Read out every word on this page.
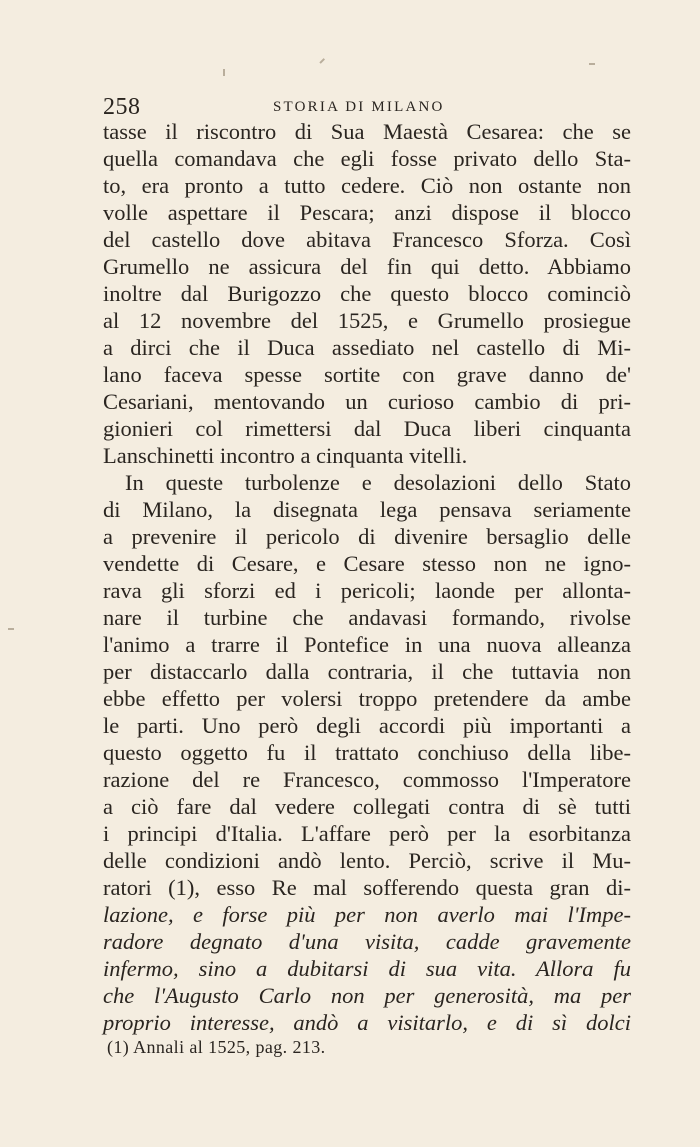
258	STORIA DI MILANO
tasse il riscontro di Sua Maestà Cesarea: che se
quella comandava che egli fosse privato dello Sta-
to, era pronto a tutto cedere. Ciò non ostante non
volle aspettare il Pescara; anzi dispose il blocco
del castello dove abitava Francesco Sforza. Così
Grumello ne assicura del fin qui detto. Abbiamo
inoltre dal Burigozzo che questo blocco cominciò
al 12 novembre del 1525, e Grumello prosiegue
a dirci che il Duca assediato nel castello di Mi-
lano faceva spesse sortite con grave danno de'
Cesariani, mentovando un curioso cambio di pri-
gionieri col rimettersi dal Duca liberi cinquanta
Lanschinetti incontro a cinquanta vitelli.
In queste turbolenze e desolazioni dello Stato
di Milano, la disegnata lega pensava seriamente
a prevenire il pericolo di divenire bersaglio delle
vendette di Cesare, e Cesare stesso non ne igno-
rava gli sforzi ed i pericoli; laonde per allonta-
nare il turbine che andavasi formando, rivolse
l'animo a trarre il Pontefice in una nuova alleanza
per distaccarlo dalla contraria, il che tuttavia non
ebbe effetto per volersi troppo pretendere da ambe
le parti. Uno però degli accordi più importanti a
questo oggetto fu il trattato conchiuso della libe-
razione del re Francesco, commosso l'Imperatore
a ciò fare dal vedere collegati contra di sè tutti
i principi d'Italia. L'affare però per la esorbitanza
delle condizioni andò lento. Perciò, scrive il Mu-
ratori (1), esso Re mal sofferendo questa gran di-
lazione, e forse più per non averlo mai l'Impe-
radore degnato d'una visita, cadde gravemente
infermo, sino a dubitarsi di sua vita. Allora fu
che l'Augusto Carlo non per generosità, ma per
proprio interesse, andò a visitarlo, e di sì dolci
(1) Annali al 1525, pag. 213.
